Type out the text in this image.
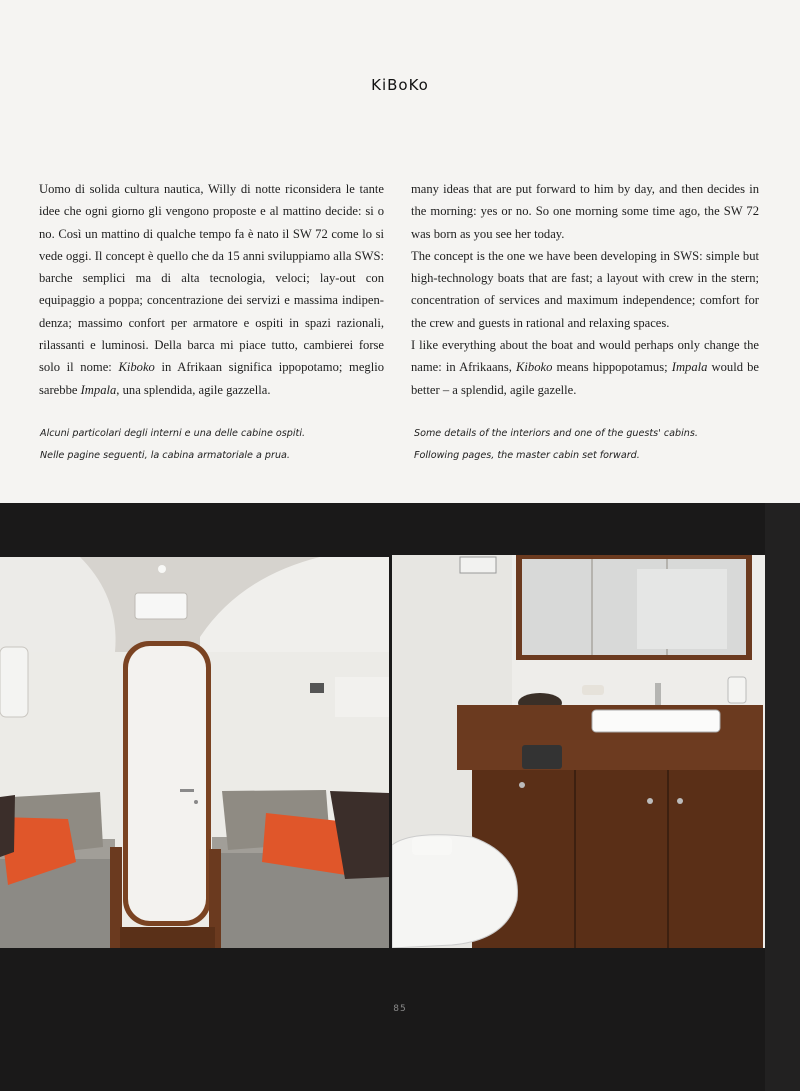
KiBoKo

Uomo di solida cultura nautica, Willy di notte riconsidera le tante idee che ogni giorno gli vengono proposte e al mattino decide: si o no. Così un mattino di qualche tempo fa è nato il SW 72 come lo si vede oggi. Il concept è quello che da 15 anni sviluppiamo alla SWS: barche semplici ma di alta tecnologia, veloci; lay-out con equipaggio a poppa; concentrazione dei servizi e massima indipendenza; massimo confort per armatore e ospiti in spazi razionali, rilassanti e luminosi. Della barca mi piace tutto, cambierei forse solo il nome: Kiboko in Afrikaan significa ippopotamo; meglio sarebbe Impala, una splendida, agile gazzella.

many ideas that are put forward to him by day, and then decides in the morning: yes or no. So one morning some time ago, the SW 72 was born as you see her today.

The concept is the one we have been developing in SWS: simple but high-technology boats that are fast; a layout with crew in the stern; concentration of services and maximum independence; comfort for the crew and guests in rational and relaxing spaces.

I like everything about the boat and would perhaps only change the name: in Afrikaans, Kiboko means hippopotamus; Impala would be better – a splendid, agile gazelle.

Alcuni particolari degli interni e una delle cabine ospiti.
Nelle pagine seguenti, la cabina armatoriale a prua.
Some details of the interiors and one of the guests' cabins.
Following pages, the master cabin set forward.
85
